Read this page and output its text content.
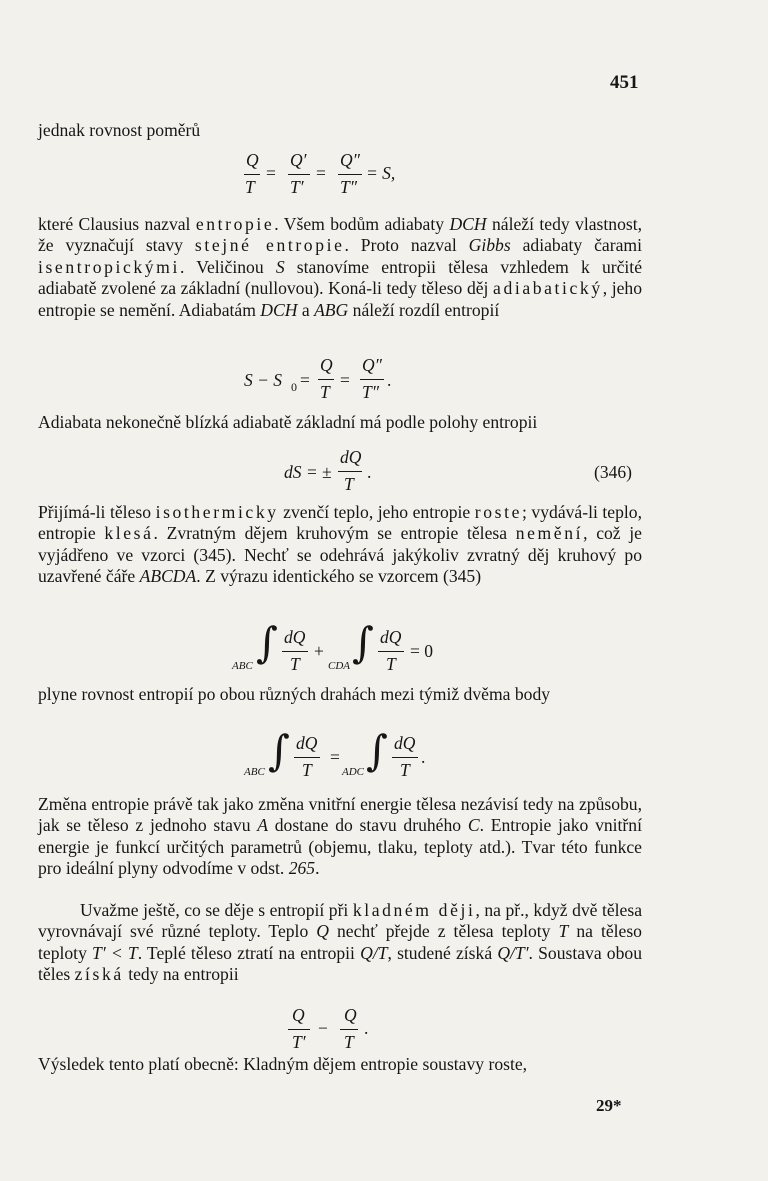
451

jednak rovnost poměrů

Q
T
=
Q′
T′
=
Q″
T″
= S,

které Clausius nazval entropie. Všem bodům adiabaty DCH náleží tedy vlastnost, že vyznačují stavy stejné entropie. Proto nazval Gibbs adiabaty čarami isentropickými. Veličinou S stanovíme entropii tělesa vzhledem k určité adiabatě zvolené za základní (nullovou). Koná-li tedy těleso děj adiabatický, jeho entropie se nemění. Adiabatám DCH a ABG náleží rozdíl entropií

S − S 0 =
Q
T
=
Q″
T″
.

Adiabata nekonečně blízká adiabatě základní má podle polohy entropii

dS = ±
dQ
T
.	(346)

Přijímá-li těleso isothermicky zvenčí teplo, jeho entropie roste; vydává-li teplo, entropie klesá. Zvratným dějem kruhovým se entropie tělesa nemění, což je vyjádřeno ve vzorci (345). Nechť se odehrává jakýkoliv zvratný děj kruhový po uzavřené čáře ABCDA. Z výrazu identického se vzorcem (345)

∫
ABC
dQ
T
+ ∫
CDA
dQ
T
= 0

plyne rovnost entropií po obou různých drahách mezi týmiž dvěma body

∫
ABC
dQ
T
= ∫
ADC
dQ
T
.

Změna entropie právě tak jako změna vnitřní energie tělesa nezávisí tedy na způsobu, jak se těleso z jednoho stavu A dostane do stavu druhého C. Entropie jako vnitřní energie je funkcí určitých parametrů (objemu, tlaku, teploty atd.). Tvar této funkce pro ideální plyny odvodíme v odst. 265.

Uvažme ještě, co se děje s entropií při kladném ději, na př., když dvě tělesa vyrovnávají své různé teploty. Teplo Q nechť přejde z tělesa teploty T na těleso teploty T′ < T. Teplé těleso ztratí na entropii Q/T, studené získá Q/T′. Soustava obou těles získá tedy na entropii

Q
T′
−
Q
T
.

Výsledek tento platí obecně: Kladným dějem entropie soustavy roste,

29*
